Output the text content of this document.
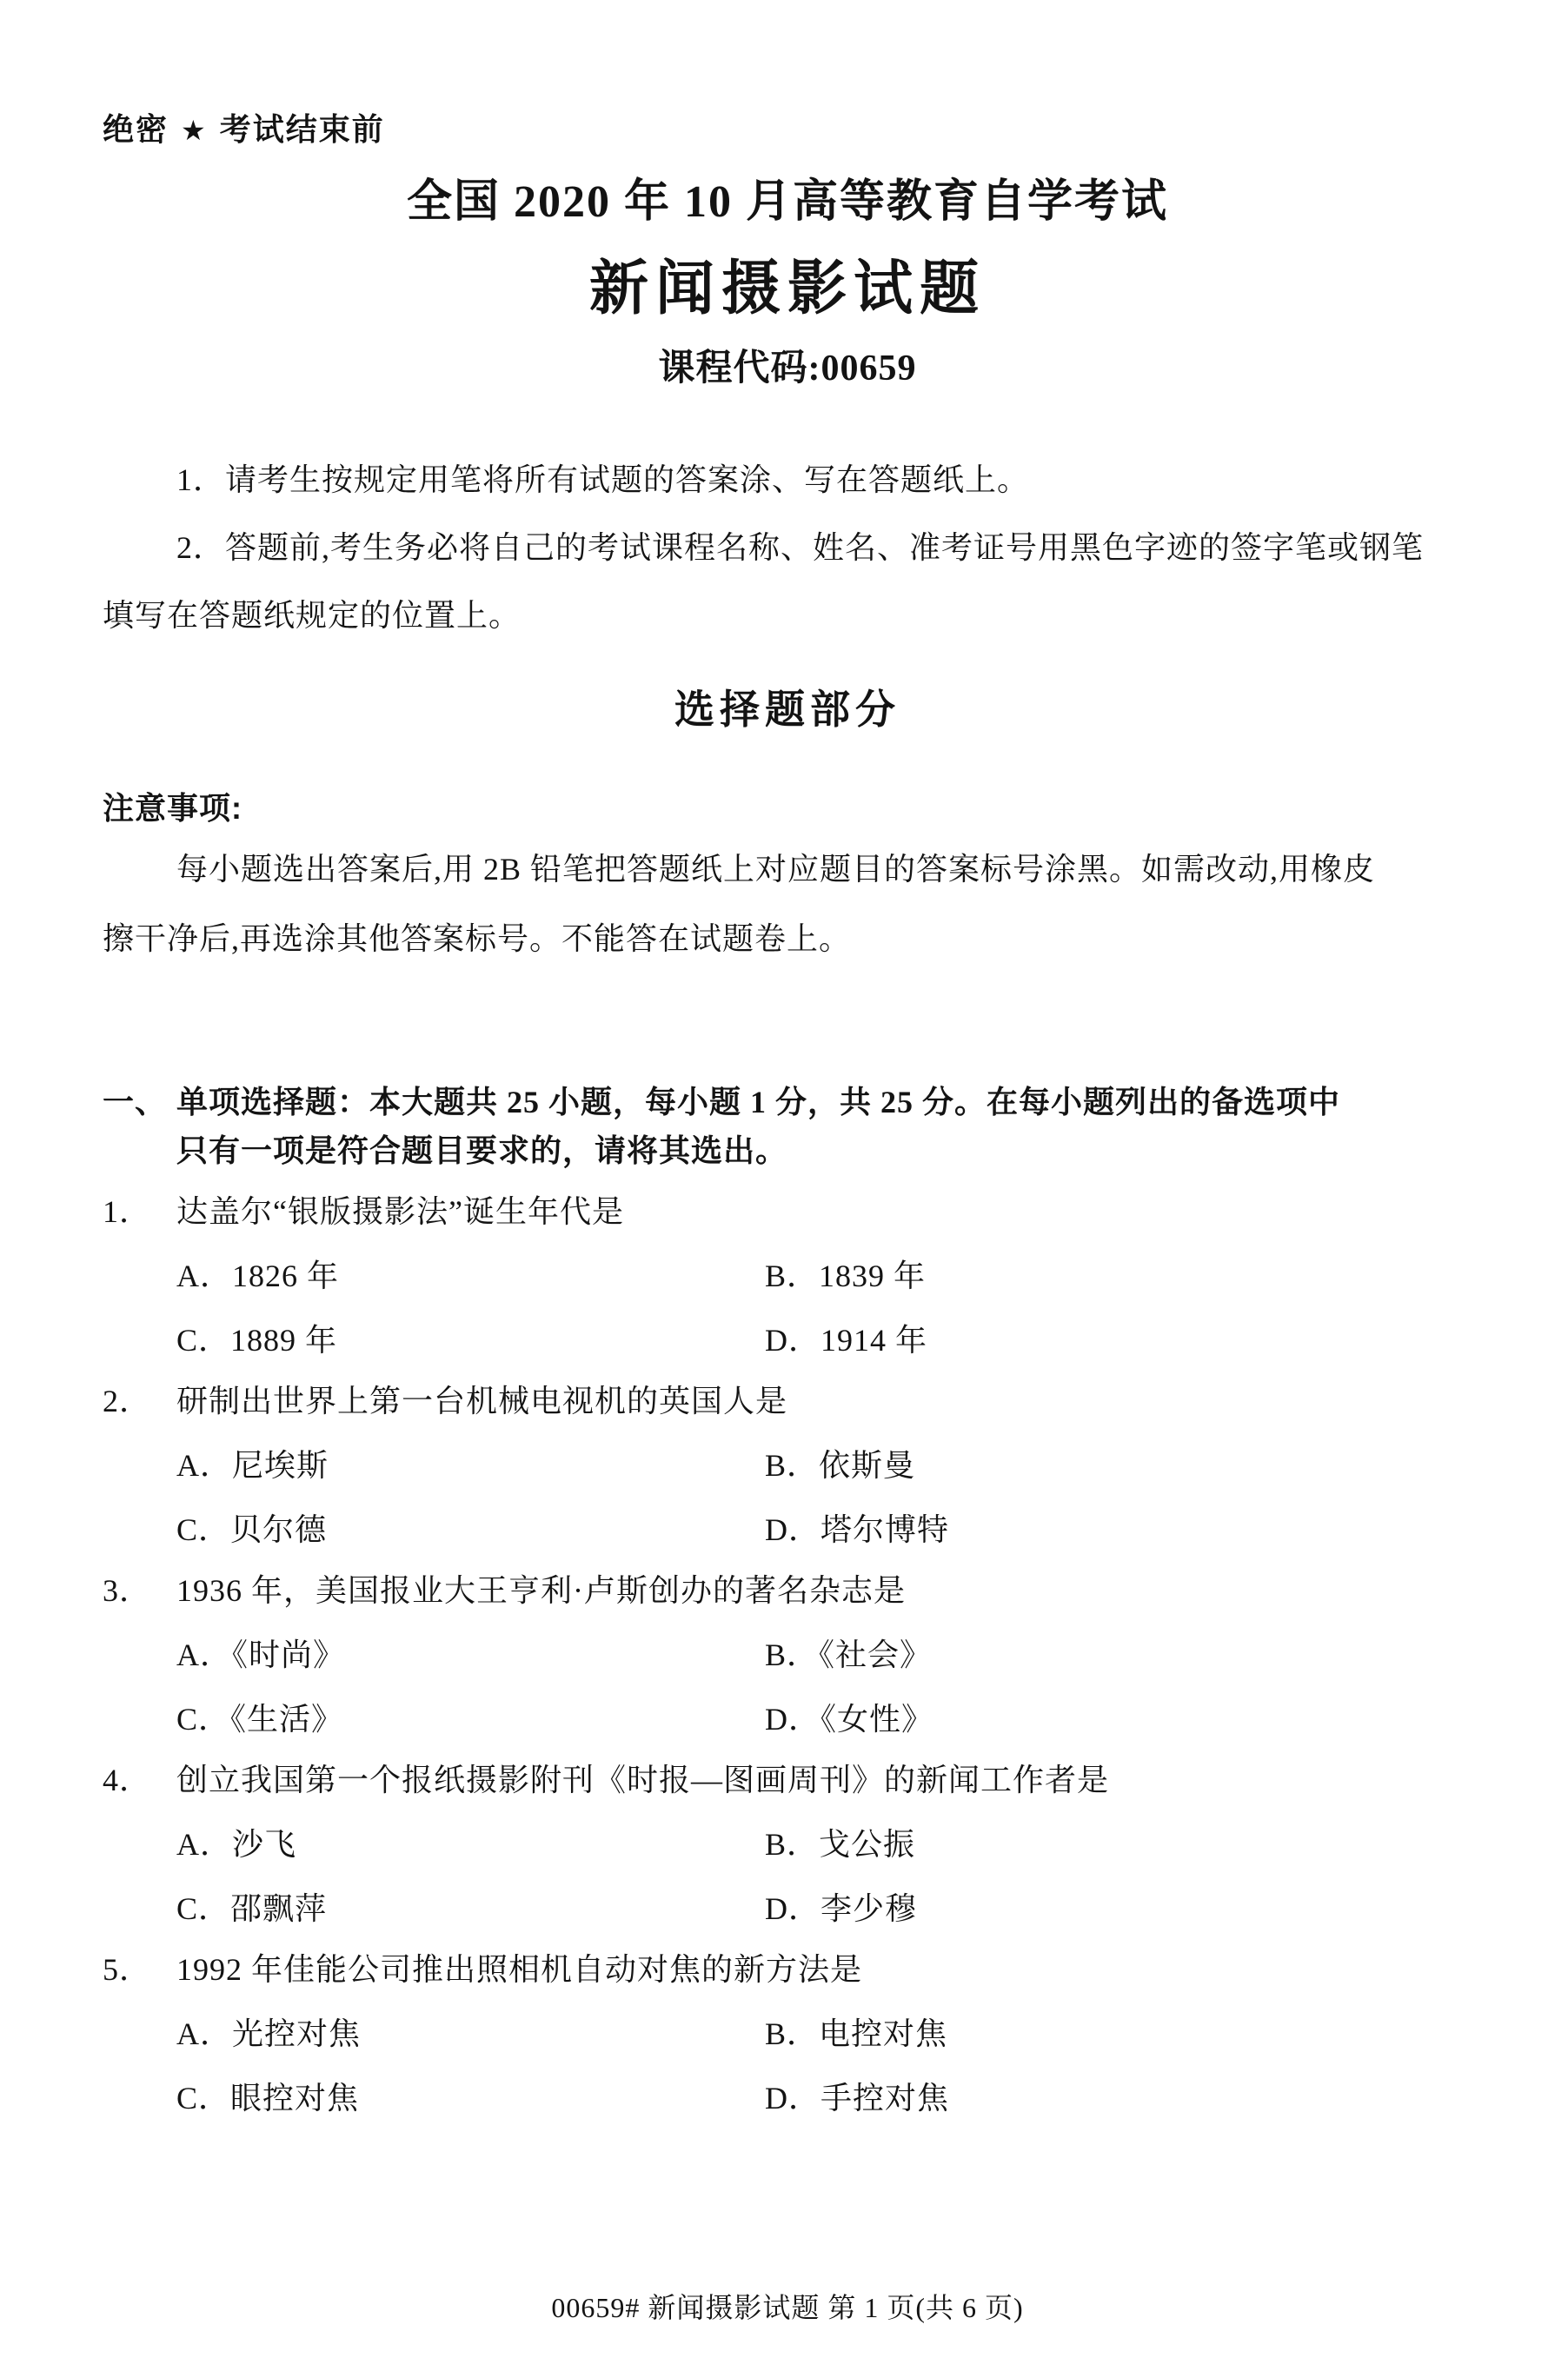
绝密 ★ 考试结束前
全国 2020 年 10 月高等教育自学考试
新闻摄影试题
课程代码:00659

1．请考生按规定用笔将所有试题的答案涂、写在答题纸上。

2．答题前,考生务必将自己的考试课程名称、姓名、准考证号用黑色字迹的签字笔或钢笔

填写在答题纸规定的位置上。

选择题部分
注意事项:

每小题选出答案后,用 2B 铅笔把答题纸上对应题目的答案标号涂黑。如需改动,用橡皮

擦干净后,再选涂其他答案标号。不能答在试题卷上。

一、 单项选择题：本大题共 25 小题，每小题 1 分，共 25 分。在每小题列出的备选项中
只有一项是符合题目要求的，请将其选出。
1． 达盖尔“银版摄影法”诞生年代是
A．1826 年	B．1839 年
C．1889 年	D．1914 年
2． 研制出世界上第一台机械电视机的英国人是
A．尼埃斯	B．依斯曼
C．贝尔德	D．塔尔博特
3． 1936 年，美国报业大王亨利·卢斯创办的著名杂志是
A．《时尚》	B．《社会》
C．《生活》	D．《女性》
4． 创立我国第一个报纸摄影附刊《时报—图画周刊》的新闻工作者是
A．沙飞	B．戈公振
C．邵飘萍	D．李少穆
5． 1992 年佳能公司推出照相机自动对焦的新方法是
A．光控对焦	B．电控对焦
C．眼控对焦	D．手控对焦
00659# 新闻摄影试题 第 1 页(共 6 页)
